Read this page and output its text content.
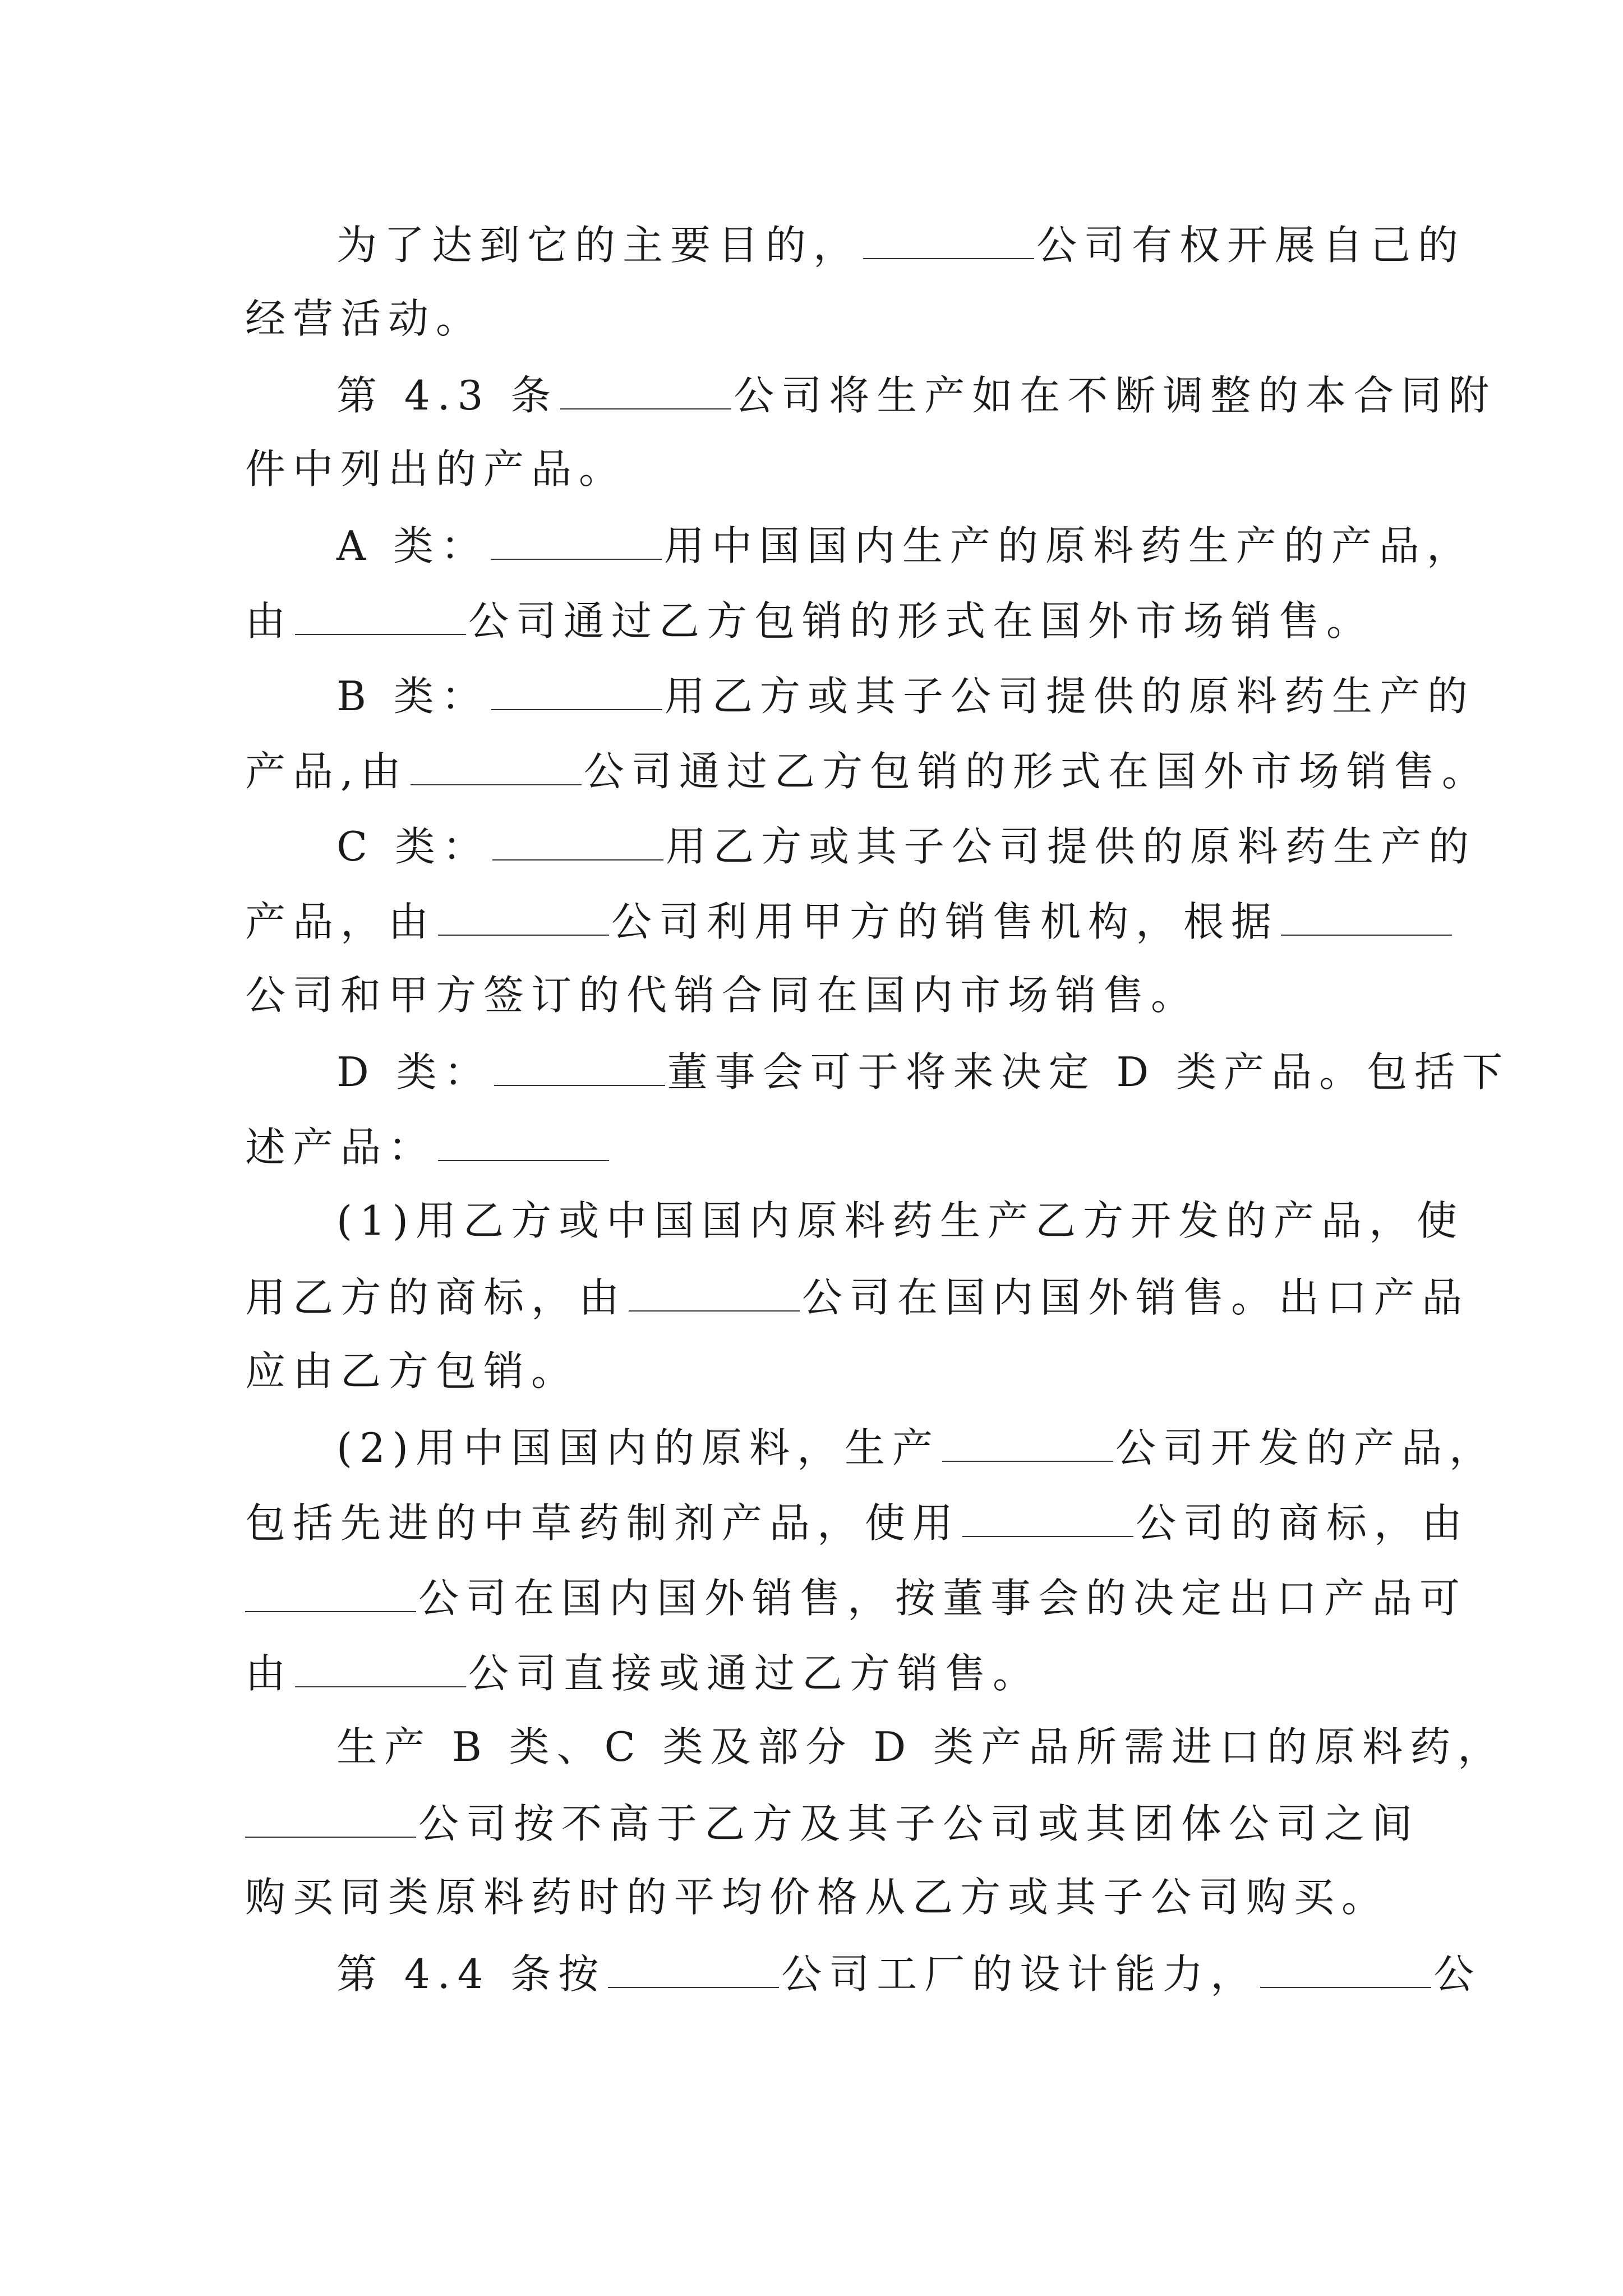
为了达到它的主要目的，	公司有权开展自己的
经营活动。
第 4.3 条	公司将生产如在不断调整的本合同附
件中列出的产品。
A 类：	用中国国内生产的原料药生产的产品，
由	公司通过乙方包销的形式在国外市场销售。
B 类：	用乙方或其子公司提供的原料药生产的
产品,由	公司通过乙方包销的形式在国外市场销售。
C 类：	用乙方或其子公司提供的原料药生产的
产品，由	公司利用甲方的销售机构，根据
公司和甲方签订的代销合同在国内市场销售。
D 类：	董事会可于将来决定 D 类产品。包括下
述产品：
(1)用乙方或中国国内原料药生产乙方开发的产品，使
用乙方的商标，由	公司在国内国外销售。出口产品
应由乙方包销。
(2)用中国国内的原料，生产	公司开发的产品，
包括先进的中草药制剂产品，使用	公司的商标，由
公司在国内国外销售，按董事会的决定出口产品可
由	公司直接或通过乙方销售。
生产 B 类、C 类及部分 D 类产品所需进口的原料药，
公司按不高于乙方及其子公司或其团体公司之间
购买同类原料药时的平均价格从乙方或其子公司购买。
第 4.4 条按	公司工厂的设计能力，	公
